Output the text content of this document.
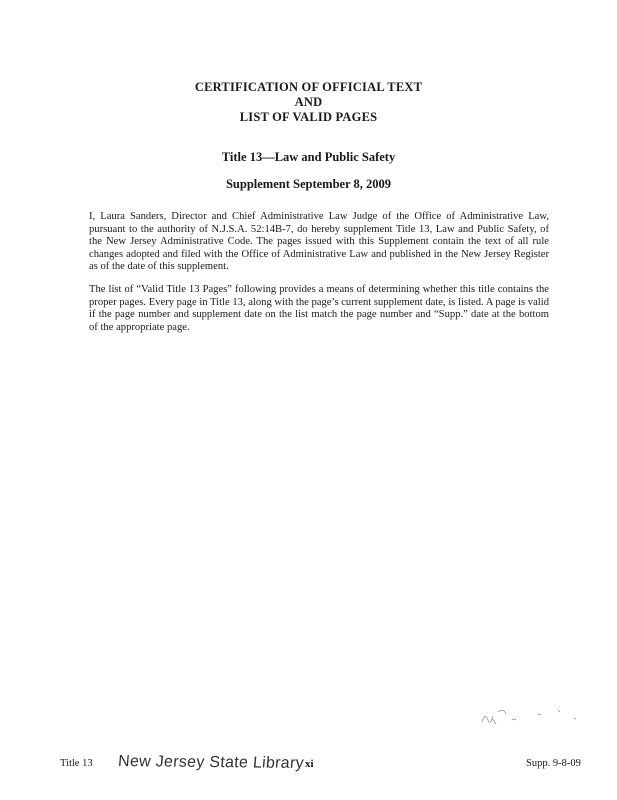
CERTIFICATION OF OFFICIAL TEXT
AND
LIST OF VALID PAGES
Title 13—Law and Public Safety
Supplement September 8, 2009

I, Laura Sanders, Director and Chief Administrative Law Judge of the Office of Administrative Law, pursuant to the authority of N.J.S.A. 52:14B-7, do hereby supplement Title 13, Law and Public Safety, of the New Jersey Administrative Code. The pages issued with this Supplement contain the text of all rule changes adopted and filed with the Office of Administrative Law and published in the New Jersey Register as of the date of this supplement.

The list of “Valid Title 13 Pages” following provides a means of determining whether this title contains the proper pages. Every page in Title 13, along with the page’s current supplement date, is listed. A page is valid if the page number and supplement date on the list match the page number and “Supp.” date at the bottom of the appropriate page.

Title 13 New Jersey State Library xi	Supp. 9-8-09
